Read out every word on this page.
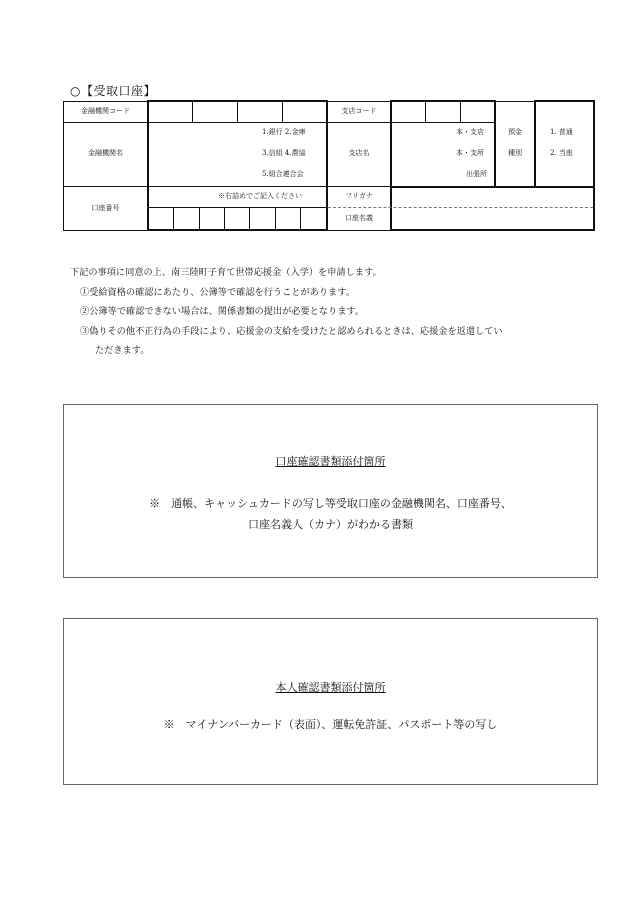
○【受取口座】
金融機関コード
金融機関名
口座番号
1.銀行 2.金庫
3.信組 4.農協
5.組合連合会
※右詰めでご記入ください
支店コード
支店名
フリガナ
口座名義
本・支店
本・支所
出張所
預金
種別
1. 普通
2. 当座
下記の事項に同意の上、南三陸町子育て世帯応援金（入学）を申請します。
①受給資格の確認にあたり、公簿等で確認を行うことがあります。
②公簿等で確認できない場合は、関係書類の提出が必要となります。
③偽りその他不正行為の手段により、応援金の支給を受けたと認められるときは、応援金を返還してい
ただきます。
口座確認書類添付箇所
※　通帳、キャッシュカードの写し等受取口座の金融機関名、口座番号、
口座名義人（カナ）がわかる書類
本人確認書類添付箇所
※　マイナンバーカード（表面）、運転免許証、パスポート等の写し
